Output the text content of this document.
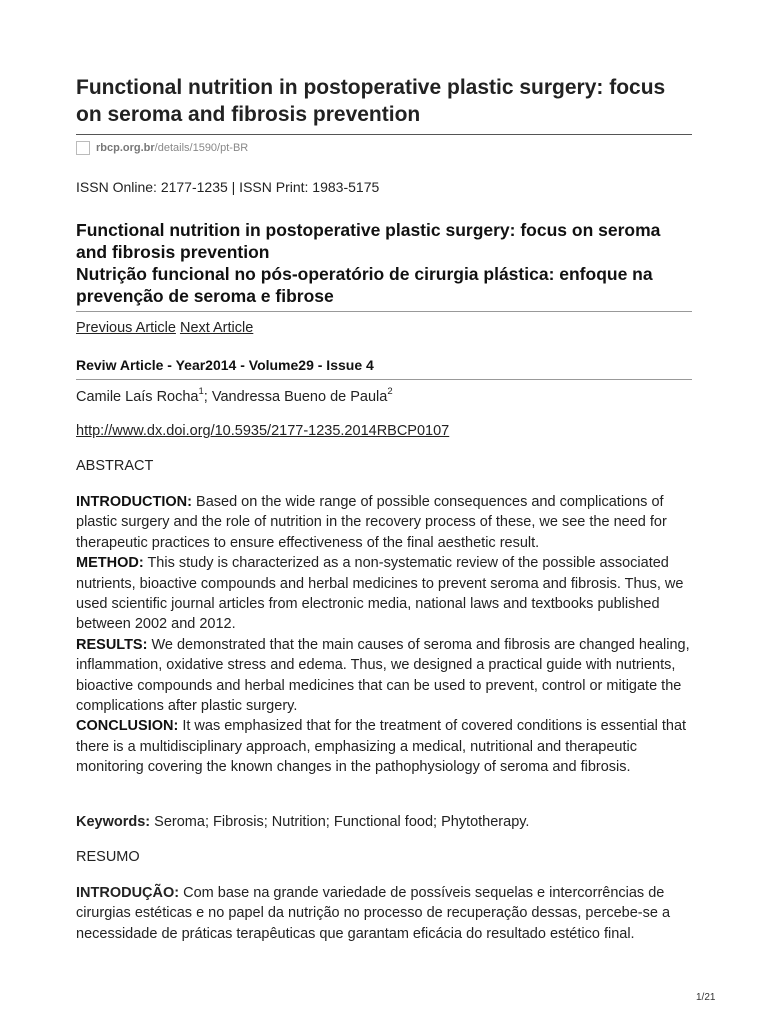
Functional nutrition in postoperative plastic surgery: focus on seroma and fibrosis prevention
rbcp.org.br /details/1590/pt-BR
ISSN Online: 2177-1235 | ISSN Print: 1983-5175
Functional nutrition in postoperative plastic surgery: focus on seroma and fibrosis prevention
Nutrição funcional no pós-operatório de cirurgia plástica: enfoque na prevenção de seroma e fibrose
Previous Article Next Article
Reviw Article - Year2014 - Volume29 - Issue 4
Camile Laís Rocha$^1$; Vandressa Bueno de Paula$^2$
http://www.dx.doi.org/10.5935/2177-1235.2014RBCP0107
ABSTRACT

INTRODUCTION: Based on the wide range of possible consequences and complications of plastic surgery and the role of nutrition in the recovery process of these, we see the need for therapeutic practices to ensure effectiveness of the final aesthetic result.

METHOD: This study is characterized as a non-systematic review of the possible associated nutrients, bioactive compounds and herbal medicines to prevent seroma and fibrosis. Thus, we used scientific journal articles from electronic media, national laws and textbooks published between 2002 and 2012.

RESULTS: We demonstrated that the main causes of seroma and fibrosis are changed healing, inflammation, oxidative stress and edema. Thus, we designed a practical guide with nutrients, bioactive compounds and herbal medicines that can be used to prevent, control or mitigate the complications after plastic surgery.

CONCLUSION: It was emphasized that for the treatment of covered conditions is essential that there is a multidisciplinary approach, emphasizing a medical, nutritional and therapeutic monitoring covering the known changes in the pathophysiology of seroma and fibrosis.

Keywords: Seroma; Fibrosis; Nutrition; Functional food; Phytotherapy.
RESUMO

INTRODUÇÃO: Com base na grande variedade de possíveis sequelas e intercorrências de cirurgias estéticas e no papel da nutrição no processo de recuperação dessas, percebe-se a necessidade de práticas terapêuticas que garantam eficácia do resultado estético final.

1/21
